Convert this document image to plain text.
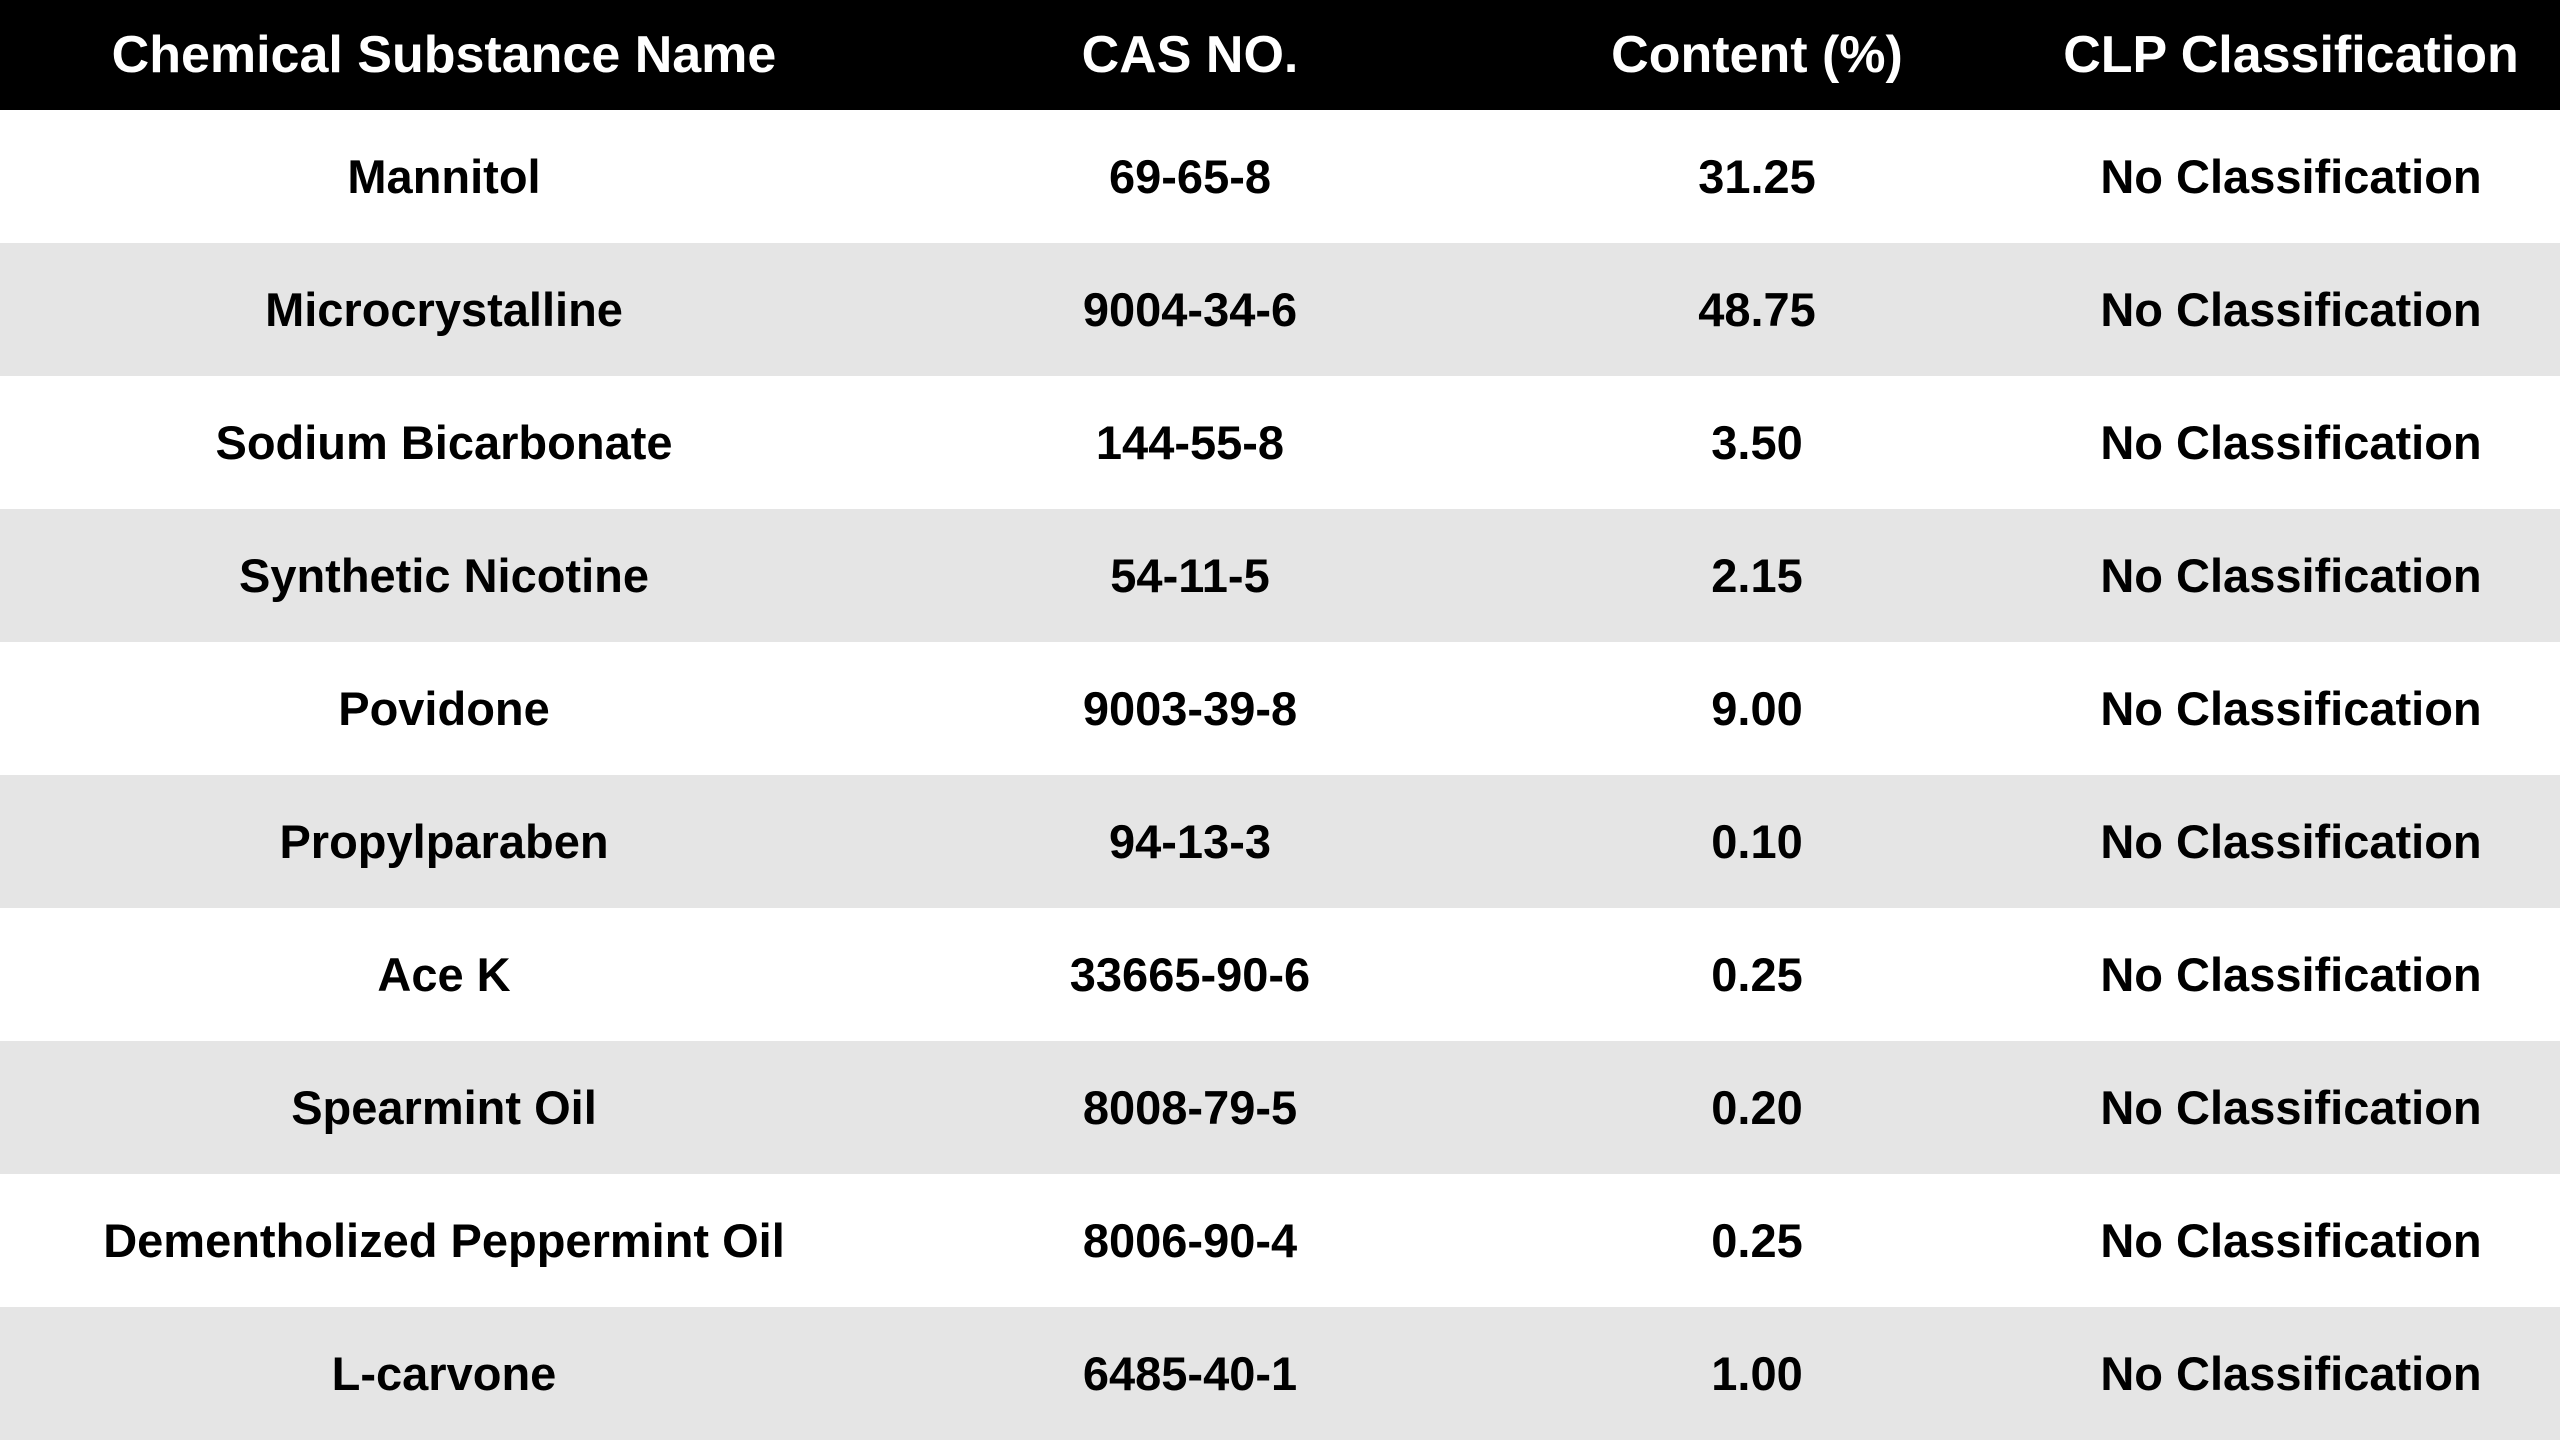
Chemical Substance Name	CAS NO.	Content (%)	CLP Classification
Mannitol	69-65-8	31.25	No Classification
Microcrystalline	9004-34-6	48.75	No Classification
Sodium Bicarbonate	144-55-8	3.50	No Classification
Synthetic Nicotine	54-11-5	2.15	No Classification
Povidone	9003-39-8	9.00	No Classification
Propylparaben	94-13-3	0.10	No Classification
Ace K	33665-90-6	0.25	No Classification
Spearmint Oil	8008-79-5	0.20	No Classification
Dementholized Peppermint Oil	8006-90-4	0.25	No Classification
L-carvone	6485-40-1	1.00	No Classification
